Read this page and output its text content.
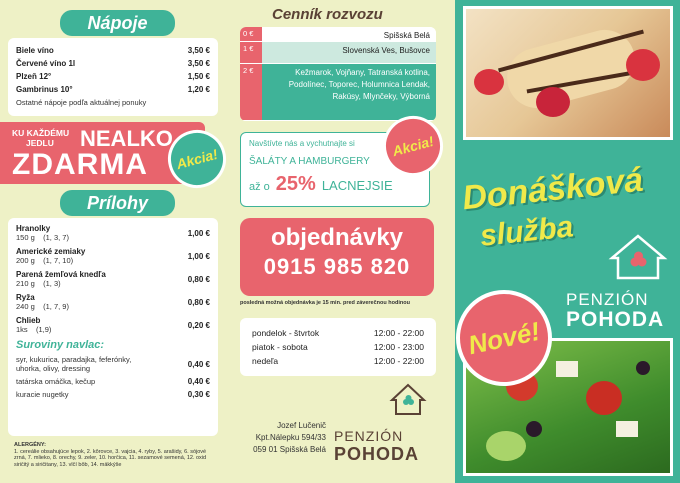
Nápoje
Biele víno	3,50 €
Červené víno 1l	3,50 €
Plzeň 12°	1,50 €
Gambrinus 10°	1,20 €
Ostatné nápoje podľa aktuálnej ponuky
KU KAŽDÉMU
JEDLU NEALKO
ZDARMA Akcia!
Prílohy
Hranolky
150 g    (1, 3, 7)	1,00 €
Americké zemiaky
200 g    (1, 7, 10)	1,00 €
Parená žemľová knedľa
210 g    (1, 3)	0,80 €
Ryža
240 g    (1, 7, 9)	0,80 €
Chlieb
1ks    (1,9)	0,20 €
Suroviny navlac:
syr, kukurica, paradajka, feferónky, uhorka, olivy, dressing	0,40 €
tatárska omáčka, kečup	0,40 €
kuracie nugetky	0,30 €
ALERGÉNY:
1. cereálie obsahujúce lepok, 2. kôrovce, 3. vajcia, 4. ryby, 5. arašidy, 6. sójové zrná, 7. mlieko, 8. orechy, 9. zeler, 10. horčica, 11. sezamové semená, 12. oxid siričitý a siričitany, 13. vlčí bôb, 14. mäkkýše
Cenník rozvozu
0 €	Spišská Belá
1 €	Slovenská Ves, Bušovce
2 €	Kežmarok, Vojňany, Tatranská kotlina, Podolínec, Toporec, Holumnica Lendak, Rakúsy, Mlynčeky, Výborná
Navštívte nás a vychutnajte si
ŠALÁTY A HAMBURGERY
až o 25% LACNEJSIE
Akcia!
objednávky
0915 985 820
posledná možná objednávka je 15 min. pred záverečnou hodinou
pondelok - štvrtok	12:00 - 22:00
piatok - sobota	12:00 - 23:00
nedeľa	12:00 - 22:00
Jozef Lučenič
Kpt.Nálepku 594/33
059 01 Spišská Belá
PENZIÓN
POHODA
Donášková
služba
PENZIÓN
POHODA
Nové!
